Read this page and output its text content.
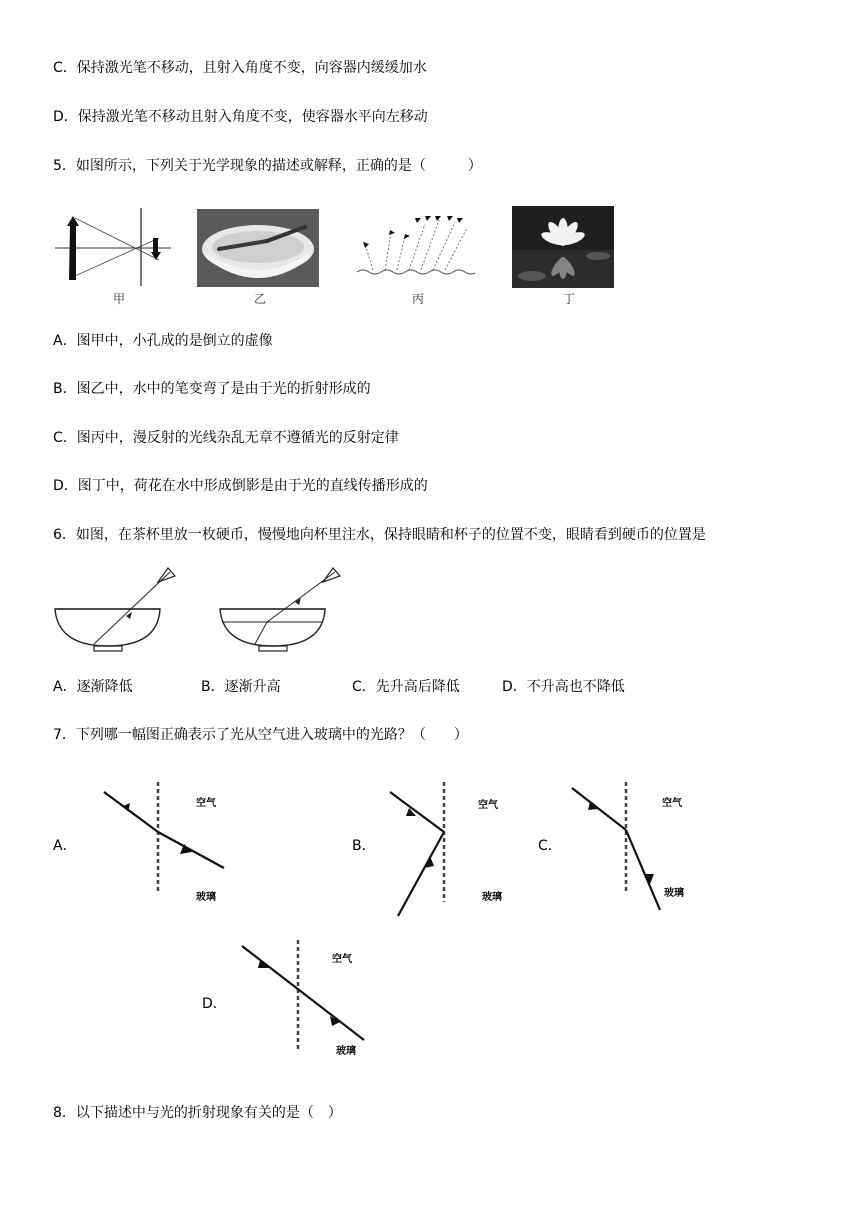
C．保持激光笔不移动，且射入角度不变，向容器内缓缓加水
D．保持激光笔不移动且射入角度不变，使容器水平向左移动
5．如图所示，下列关于光学现象的描述或解释，正确的是（　　　）
甲	乙	丙	丁
A．图甲中，小孔成的是倒立的虚像
B．图乙中，水中的笔变弯了是由于光的折射形成的
C．图丙中，漫反射的光线杂乱无章不遵循光的反射定律
D．图丁中，荷花在水中形成倒影是由于光的直线传播形成的
6．如图，在茶杯里放一枚硬币，慢慢地向杯里注水，保持眼睛和杯子的位置不变，眼睛看到硬币的位置是
A．逐渐降低	B．逐渐升高	C．先升高后降低	D．不升高也不降低
7．下列哪一幅图正确表示了光从空气进入玻璃中的光路？（　　）
A．
空气
玻璃
B．
空气
玻璃
C．
空气
玻璃
D．
空气
玻璃
8．以下描述中与光的折射现象有关的是（　）
